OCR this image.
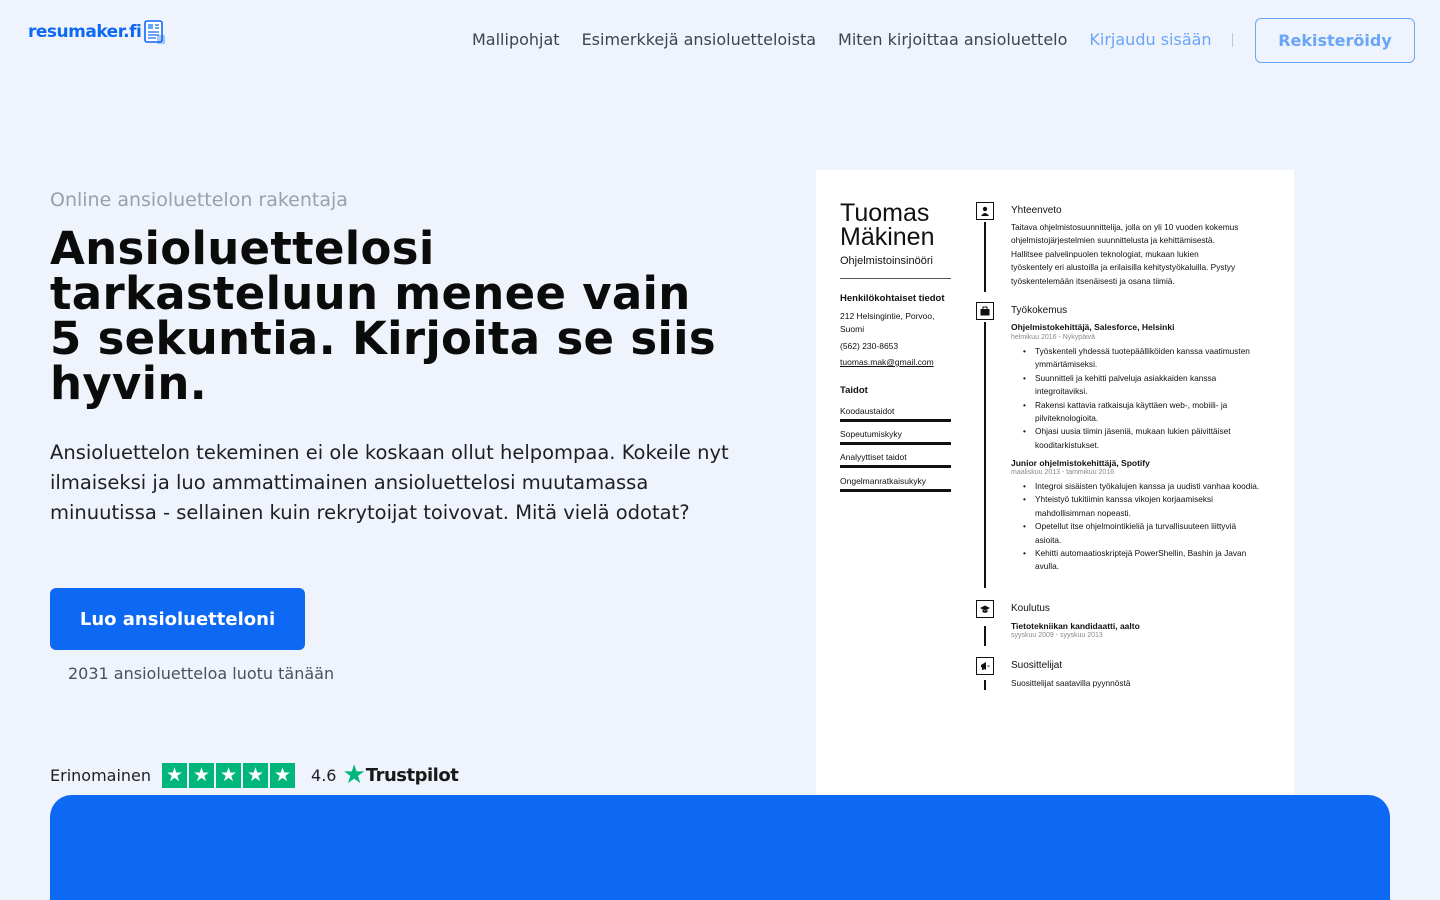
resumaker.fi	Mallipohjat Esimerkkejä ansioluetteloista Miten kirjoittaa ansioluettelo Kirjaudu sisään	Rekisteröidy
Online ansioluettelon rakentaja
Ansioluettelosi
tarkasteluun menee vain
5 sekuntia. Kirjoita se siis
hyvin.

Ansioluettelon tekeminen ei ole koskaan ollut helpompaa. Kokeile nyt ilmaiseksi ja luo ammattimainen ansioluettelosi muutamassa minuutissa - sellainen kuin rekrytoijat toivovat. Mitä vielä odotat?

Luo ansioluetteloni
2031 ansioluetteloa luotu tänään
Erinomainen ★ ★ ★ ★ ★ 4.6 ★ Trustpilot
Tuomas
Mäkinen
Ohjelmistoinsinööri
Henkilökohtaiset tiedot
212 Helsingintie, Porvoo,
Suomi
(562) 230-8653
tuomas.mak@gmail.com
Taidot
Koodaustaidot
Sopeutumiskyky
Analyyttiset taidot
Ongelmanratkaisukyky
Yhteenveto
Taitava ohjelmistosuunnittelija, jolla on yli 10 vuoden kokemus
ohjelmistojärjestelmien suunnittelusta ja kehittämisestä.
Hallitsee palvelinpuolen teknologiat, mukaan lukien
työskentely eri alustoilla ja erilaisilla kehitystyökaluilla. Pystyy
työskentelemään itsenäisesti ja osana tiimiä.
Työkokemus
Ohjelmistokehittäjä, Salesforce, Helsinki
helmikuu 2016 - Nykypäivä
• Työskenteli yhdessä tuotepäälliköiden kanssa vaatimusten ymmärtämiseksi.
• Suunnitteli ja kehitti palveluja asiakkaiden kanssa integroitaviksi.
• Rakensi kattavia ratkaisuja käyttäen web-, mobiili- ja pilviteknologioita.
• Ohjasi uusia tiimin jäseniä, mukaan lukien päivittäiset kooditarkistukset.
Junior ohjelmistokehittäjä, Spotify
maaliskuu 2013 - tammikuu 2016
• Integroi sisäisten työkalujen kanssa ja uudisti vanhaa koodia.
• Yhteistyö tukitiimin kanssa vikojen korjaamiseksi mahdollisimman nopeasti.
• Opetellut itse ohjelmointikieliä ja turvallisuuteen liittyviä asioita.
• Kehitti automaatioskriptejä PowerShellin, Bashin ja Javan avulla.
Koulutus
Tietotekniikan kandidaatti, aalto
syyskuu 2009 - syyskuu 2013
Suosittelijat
Suosittelijat saatavilla pyynnöstä
